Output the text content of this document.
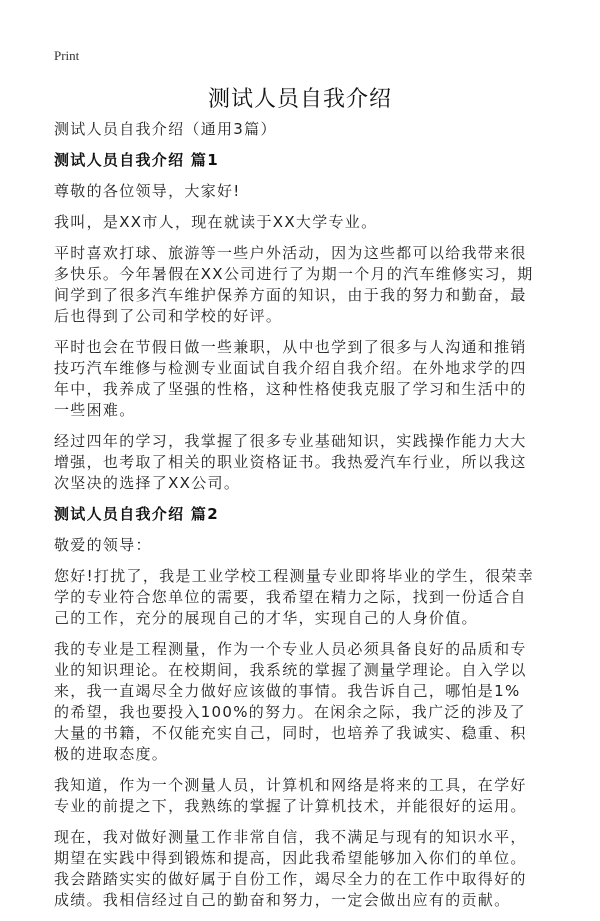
Print
测试人员自我介绍

测试人员自我介绍（通用3篇）

测试人员自我介绍 篇1

尊敬的各位领导，大家好!

我叫，是XX市人，现在就读于XX大学专业。

平时喜欢打球、旅游等一些户外活动，因为这些都可以给我带来很多快乐。今年暑假在XX公司进行了为期一个月的汽车维修实习，期间学到了很多汽车维护保养方面的知识，由于我的努力和勤奋，最后也得到了公司和学校的好评。

平时也会在节假日做一些兼职，从中也学到了很多与人沟通和推销技巧汽车维修与检测专业面试自我介绍自我介绍。在外地求学的四年中，我养成了坚强的性格，这种性格使我克服了学习和生活中的一些困难。

经过四年的学习，我掌握了很多专业基础知识，实践操作能力大大增强，也考取了相关的职业资格证书。我热爱汽车行业，所以我这次坚决的选择了XX公司。

测试人员自我介绍 篇2

敬爱的领导：

您好!打扰了，我是工业学校工程测量专业即将毕业的学生，很荣幸学的专业符合您单位的需要，我希望在精力之际，找到一份适合自己的工作，充分的展现自己的才华，实现自己的人身价值。

我的专业是工程测量，作为一个专业人员必须具备良好的品质和专业的知识理论。在校期间，我系统的掌握了测量学理论。自入学以来，我一直竭尽全力做好应该做的事情。我告诉自己，哪怕是1%的希望，我也要投入100%的努力。在闲余之际，我广泛的涉及了大量的书籍，不仅能充实自己，同时，也培养了我诚实、稳重、积极的进取态度。

我知道，作为一个测量人员，计算机和网络是将来的工具，在学好专业的前提之下，我熟练的掌握了计算机技术，并能很好的运用。

现在，我对做好测量工作非常自信，我不满足与现有的知识水平，期望在实践中得到锻炼和提高，因此我希望能够加入你们的单位。我会踏踏实实的做好属于自份工作，竭尽全力的在工作中取得好的成绩。我相信经过自己的勤奋和努力，一定会做出应有的贡献。
